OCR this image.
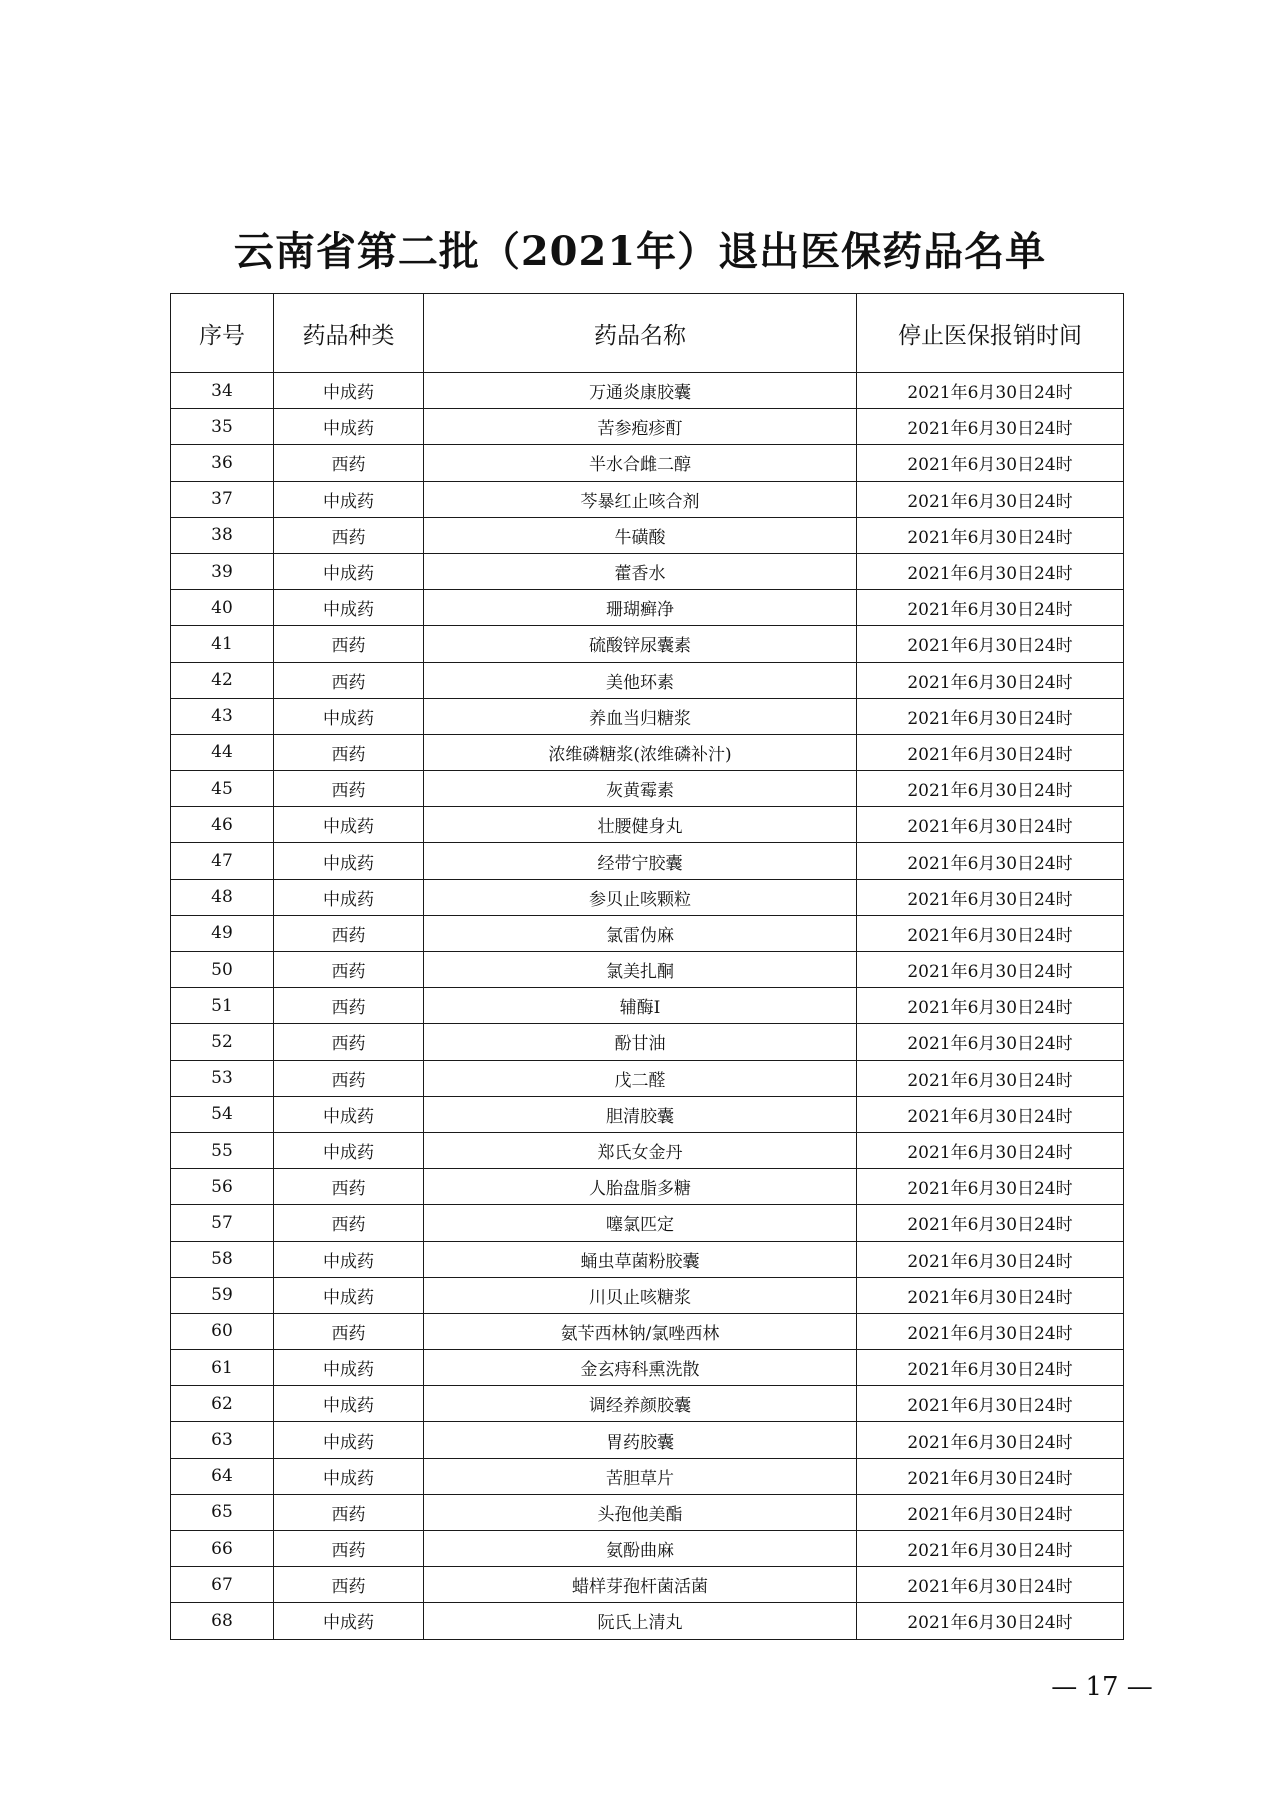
云南省第二批（2021年）退出医保药品名单
序号	药品种类	药品名称	停止医保报销时间
34	中成药	万通炎康胶囊	2021年6月30日24时
35	中成药	苦参疱疹酊	2021年6月30日24时
36	西药	半水合雌二醇	2021年6月30日24时
37	中成药	芩暴红止咳合剂	2021年6月30日24时
38	西药	牛磺酸	2021年6月30日24时
39	中成药	藿香水	2021年6月30日24时
40	中成药	珊瑚癣净	2021年6月30日24时
41	西药	硫酸锌尿囊素	2021年6月30日24时
42	西药	美他环素	2021年6月30日24时
43	中成药	养血当归糖浆	2021年6月30日24时
44	西药	浓维磷糖浆(浓维磷补汁)	2021年6月30日24时
45	西药	灰黄霉素	2021年6月30日24时
46	中成药	壮腰健身丸	2021年6月30日24时
47	中成药	经带宁胶囊	2021年6月30日24时
48	中成药	参贝止咳颗粒	2021年6月30日24时
49	西药	氯雷伪麻	2021年6月30日24时
50	西药	氯美扎酮	2021年6月30日24时
51	西药	辅酶Ⅰ	2021年6月30日24时
52	西药	酚甘油	2021年6月30日24时
53	西药	戊二醛	2021年6月30日24时
54	中成药	胆清胶囊	2021年6月30日24时
55	中成药	郑氏女金丹	2021年6月30日24时
56	西药	人胎盘脂多糖	2021年6月30日24时
57	西药	噻氯匹定	2021年6月30日24时
58	中成药	蛹虫草菌粉胶囊	2021年6月30日24时
59	中成药	川贝止咳糖浆	2021年6月30日24时
60	西药	氨苄西林钠/氯唑西林	2021年6月30日24时
61	中成药	金玄痔科熏洗散	2021年6月30日24时
62	中成药	调经养颜胶囊	2021年6月30日24时
63	中成药	胃药胶囊	2021年6月30日24时
64	中成药	苦胆草片	2021年6月30日24时
65	西药	头孢他美酯	2021年6月30日24时
66	西药	氨酚曲麻	2021年6月30日24时
67	西药	蜡样芽孢杆菌活菌	2021年6月30日24时
68	中成药	阮氏上清丸	2021年6月30日24时
— 17 —
